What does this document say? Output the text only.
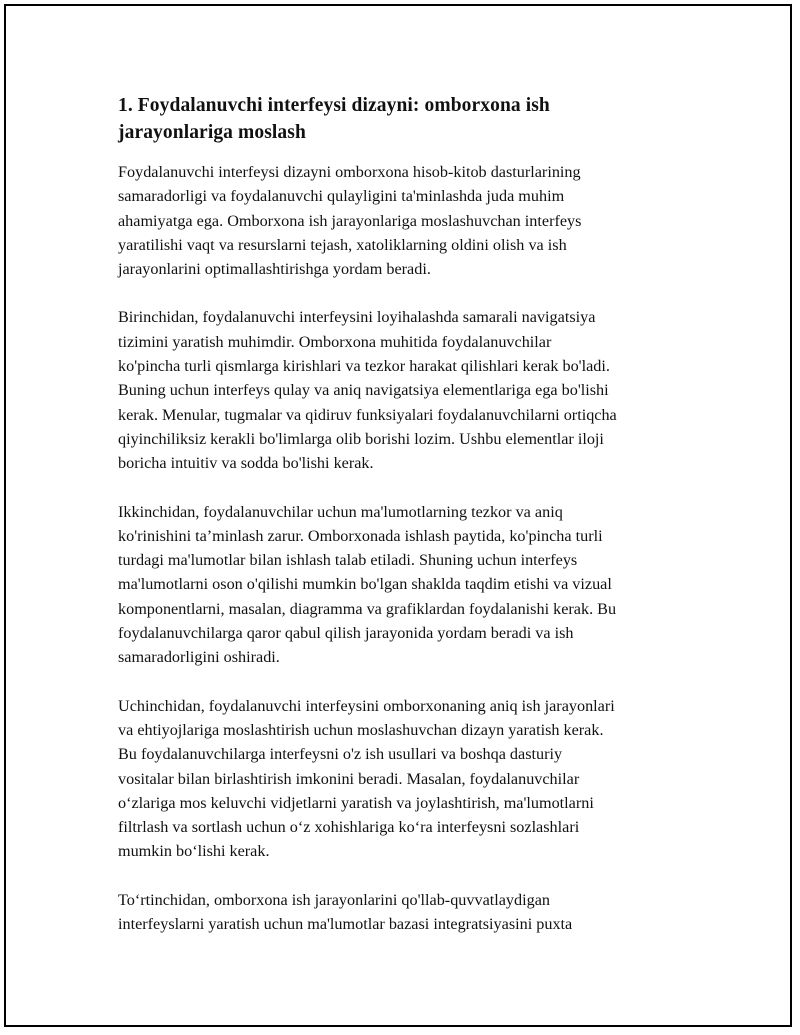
1. Foydalanuvchi interfeysi dizayni: omborxona ish
jarayonlariga moslash

Foydalanuvchi interfeysi dizayni omborxona hisob-kitob dasturlarining
samaradorligi va foydalanuvchi qulayligini ta'minlashda juda muhim
ahamiyatga ega. Omborxona ish jarayonlariga moslashuvchan interfeys
yaratilishi vaqt va resurslarni tejash, xatoliklarning oldini olish va ish
jarayonlarini optimallashtirishga yordam beradi.

Birinchidan, foydalanuvchi interfeysini loyihalashda samarali navigatsiya
tizimini yaratish muhimdir. Omborxona muhitida foydalanuvchilar
ko'pincha turli qismlarga kirishlari va tezkor harakat qilishlari kerak bo'ladi.
Buning uchun interfeys qulay va aniq navigatsiya elementlariga ega bo'lishi
kerak. Menular, tugmalar va qidiruv funksiyalari foydalanuvchilarni ortiqcha
qiyinchiliksiz kerakli bo'limlarga olib borishi lozim. Ushbu elementlar iloji
boricha intuitiv va sodda bo'lishi kerak.

Ikkinchidan, foydalanuvchilar uchun ma'lumotlarning tezkor va aniq
ko'rinishini ta’minlash zarur. Omborxonada ishlash paytida, ko'pincha turli
turdagi ma'lumotlar bilan ishlash talab etiladi. Shuning uchun interfeys
ma'lumotlarni oson o'qilishi mumkin bo'lgan shaklda taqdim etishi va vizual
komponentlarni, masalan, diagramma va grafiklardan foydalanishi kerak. Bu
foydalanuvchilarga qaror qabul qilish jarayonida yordam beradi va ish
samaradorligini oshiradi.

Uchinchidan, foydalanuvchi interfeysini omborxonaning aniq ish jarayonlari
va ehtiyojlariga moslashtirish uchun moslashuvchan dizayn yaratish kerak.
Bu foydalanuvchilarga interfeysni o'z ish usullari va boshqa dasturiy
vositalar bilan birlashtirish imkonini beradi. Masalan, foydalanuvchilar
o‘zlariga mos keluvchi vidjetlarni yaratish va joylashtirish, ma'lumotlarni
filtrlash va sortlash uchun o‘z xohishlariga ko‘ra interfeysni sozlashlari
mumkin bo‘lishi kerak.

To‘rtinchidan, omborxona ish jarayonlarini qo'llab-quvvatlaydigan
interfeyslarni yaratish uchun ma'lumotlar bazasi integratsiyasini puxta
